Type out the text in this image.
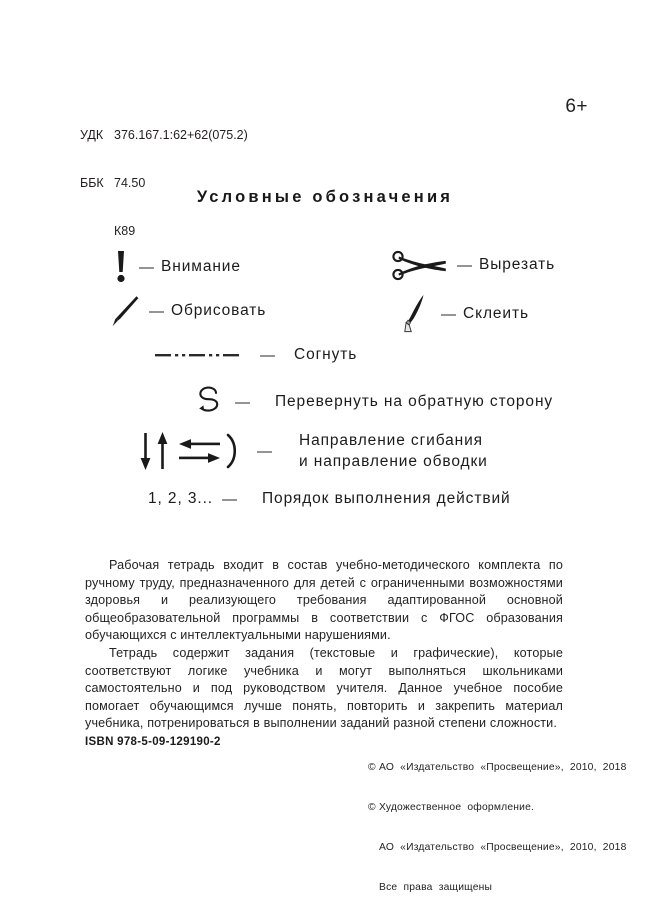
УДК 376.167.1:62+62(075.2)

ББК 74.50

К89

6+
Условные обозначения
— Внимание	— Вырезать
— Обрисовать	— Склеить
— Согнуть
— Перевернуть на обратную сторону
—
Направление сгибания
и направление обводки
1, 2, 3... — Порядок выполнения действий

Рабочая тетрадь входит в состав учебно-методического комплекта по ручному труду, предназначенного для детей с ограниченными возможностями здоровья и реализующего требования адаптированной основной общеобразовательной программы в соответствии с ФГОС образования обучающихся с интеллектуальными нарушениями.

Тетрадь содержит задания (текстовые и графические), которые соответствуют логике учебника и могут выполняться школьниками самостоятельно и под руководством учителя. Данное учебное пособие помогает обучающимся лучше понять, повторить и закрепить материал учебника, потренироваться в выполнении заданий разной степени сложности.

ISBN 978-5-09-129190-2

© АО  «Издательство  «Просвещение»,  2010,  2018

© Художественное  оформление.

АО  «Издательство  «Просвещение»,  2010,  2018

Все  права  защищены
